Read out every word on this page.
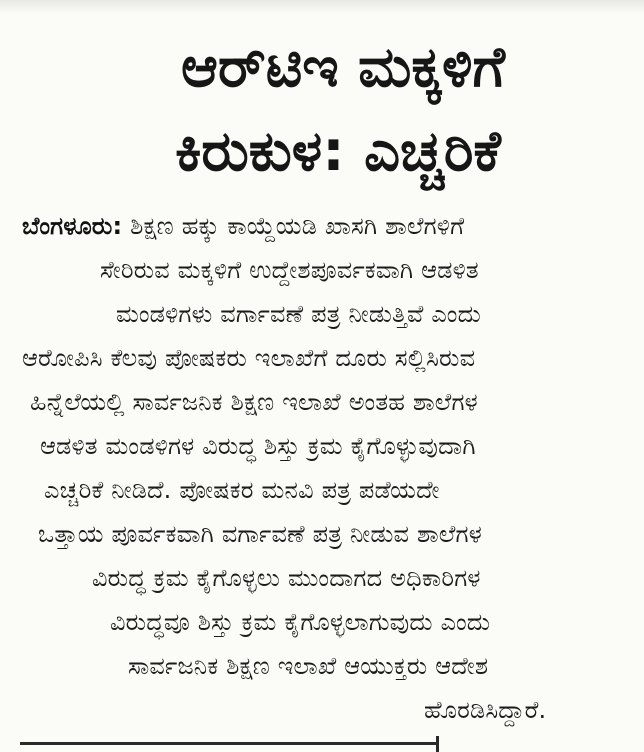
ಆರ್‌ಟಿಇ ಮಕ್ಕಳಿಗೆ
ಕಿರುಕುಳ: ಎಚ್ಚರಿಕೆ
ಬೆಂಗಳೂರು: ಶಿಕ್ಷಣ ಹಕ್ಕು ಕಾಯ್ದೆಯಡಿ ಖಾಸಗಿ ಶಾಲೆಗಳಿಗೆ
ಸೇರಿರುವ ಮಕ್ಕಳಿಗೆ ಉದ್ದೇಶಪೂರ್ವಕವಾಗಿ ಆಡಳಿತ
ಮಂಡಳಿಗಳು ವರ್ಗಾವಣೆ ಪತ್ರ ನೀಡುತ್ತಿವೆ ಎಂದು
ಆರೋಪಿಸಿ ಕೆಲವು ಪೋಷಕರು ಇಲಾಖೆಗೆ ದೂರು ಸಲ್ಲಿಸಿರುವ
ಹಿನ್ನೆಲೆಯಲ್ಲಿ ಸಾರ್ವಜನಿಕ ಶಿಕ್ಷಣ ಇಲಾಖೆ ಅಂತಹ ಶಾಲೆಗಳ
ಆಡಳಿತ ಮಂಡಳಿಗಳ ವಿರುದ್ಧ ಶಿಸ್ತು ಕ್ರಮ ಕೈಗೊಳ್ಳುವುದಾಗಿ
ಎಚ್ಚರಿಕೆ ನೀಡಿದೆ. ಪೋಷಕರ ಮನವಿ ಪತ್ರ ಪಡೆಯದೇ
ಒತ್ತಾಯ ಪೂರ್ವಕವಾಗಿ ವರ್ಗಾವಣೆ ಪತ್ರ ನೀಡುವ ಶಾಲೆಗಳ
ವಿರುದ್ಧ ಕ್ರಮ ಕೈಗೊಳ್ಳಲು ಮುಂದಾಗದ ಅಧಿಕಾರಿಗಳ
ವಿರುದ್ಧವೂ ಶಿಸ್ತು ಕ್ರಮ ಕೈಗೊಳ್ಳಲಾಗುವುದು ಎಂದು
ಸಾರ್ವಜನಿಕ ಶಿಕ್ಷಣ ಇಲಾಖೆ ಆಯುಕ್ತರು ಆದೇಶ
ಹೊರಡಿಸಿದ್ದಾರೆ.
